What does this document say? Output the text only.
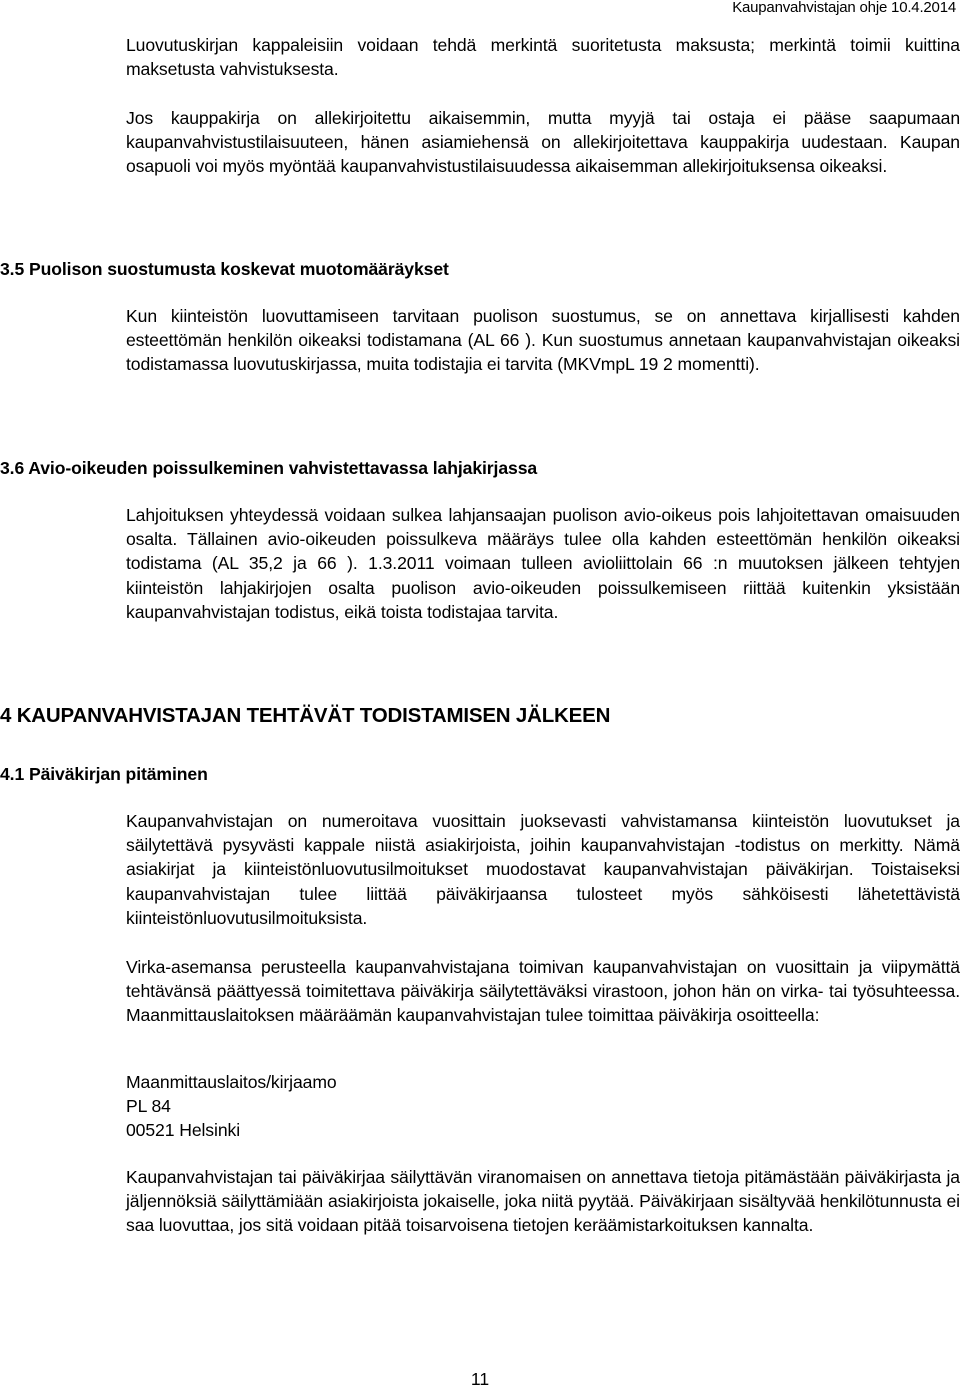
Kaupanvahvistajan ohje 10.4.2014

Luovutuskirjan kappaleisiin voidaan tehdä merkintä suoritetusta maksusta; merkintä toimii kuittina maksetusta vahvistuksesta.

Jos kauppakirja on allekirjoitettu aikaisemmin, mutta myyjä tai ostaja ei pääse saapumaan kaupanvahvistustilaisuuteen, hänen asiamiehensä on allekirjoitettava kauppakirja uudestaan. Kaupan osapuoli voi myös myöntää kaupanvahvistustilaisuudessa aikaisemman allekirjoituksensa oikeaksi.

3.5 Puolison suostumusta koskevat muotomääräykset

Kun kiinteistön luovuttamiseen tarvitaan puolison suostumus, se on annettava kirjallisesti kahden esteettömän henkilön oikeaksi todistamana (AL 66 ). Kun suostumus annetaan kaupanvahvistajan oikeaksi todistamassa luovutuskirjassa, muita todistajia ei tarvita (MKVmpL 19 2 momentti).

3.6 Avio-oikeuden poissulkeminen vahvistettavassa lahjakirjassa

Lahjoituksen yhteydessä voidaan sulkea lahjansaajan puolison avio-oikeus pois lahjoitettavan omaisuuden osalta. Tällainen avio-oikeuden poissulkeva määräys tulee olla kahden esteettömän henkilön oikeaksi todistama (AL 35,2 ja 66 ). 1.3.2011 voimaan tulleen avioliittolain 66 :n muutoksen jälkeen tehtyjen kiinteistön lahjakirjojen osalta puolison avio-oikeuden poissulkemiseen riittää kuitenkin yksistään kaupanvahvistajan todistus, eikä toista todistajaa tarvita.

4 KAUPANVAHVISTAJAN TEHTÄVÄT TODISTAMISEN JÄLKEEN
4.1 Päiväkirjan pitäminen

Kaupanvahvistajan on numeroitava vuosittain juoksevasti vahvistamansa kiinteistön luovutukset ja säilytettävä pysyvästi kappale niistä asiakirjoista, joihin kaupanvahvistajan -todistus on merkitty. Nämä asiakirjat ja kiinteistönluovutusilmoitukset muodostavat kaupanvahvistajan päiväkirjan. Toistaiseksi kaupanvahvistajan tulee liittää päiväkirjaansa tulosteet myös sähköisesti lähetettävistä kiinteistönluovutusilmoituksista.

Virka-asemansa perusteella kaupanvahvistajana toimivan kaupanvahvistajan on vuosittain ja viipymättä tehtävänsä päättyessä toimitettava päiväkirja säilytettäväksi virastoon, johon hän on virka- tai työsuhteessa. Maanmittauslaitoksen määräämän kaupanvahvistajan tulee toimittaa päiväkirja osoitteella:

Maanmittauslaitos/kirjaamo
PL 84
00521 Helsinki

Kaupanvahvistajan tai päiväkirjaa säilyttävän viranomaisen on annettava tietoja pitämästään päiväkirjasta ja jäljennöksiä säilyttämiään asiakirjoista jokaiselle, joka niitä pyytää. Päiväkirjaan sisältyvää henkilötunnusta ei saa luovuttaa, jos sitä voidaan pitää toisarvoisena tietojen keräämistarkoituksen kannalta.

11
